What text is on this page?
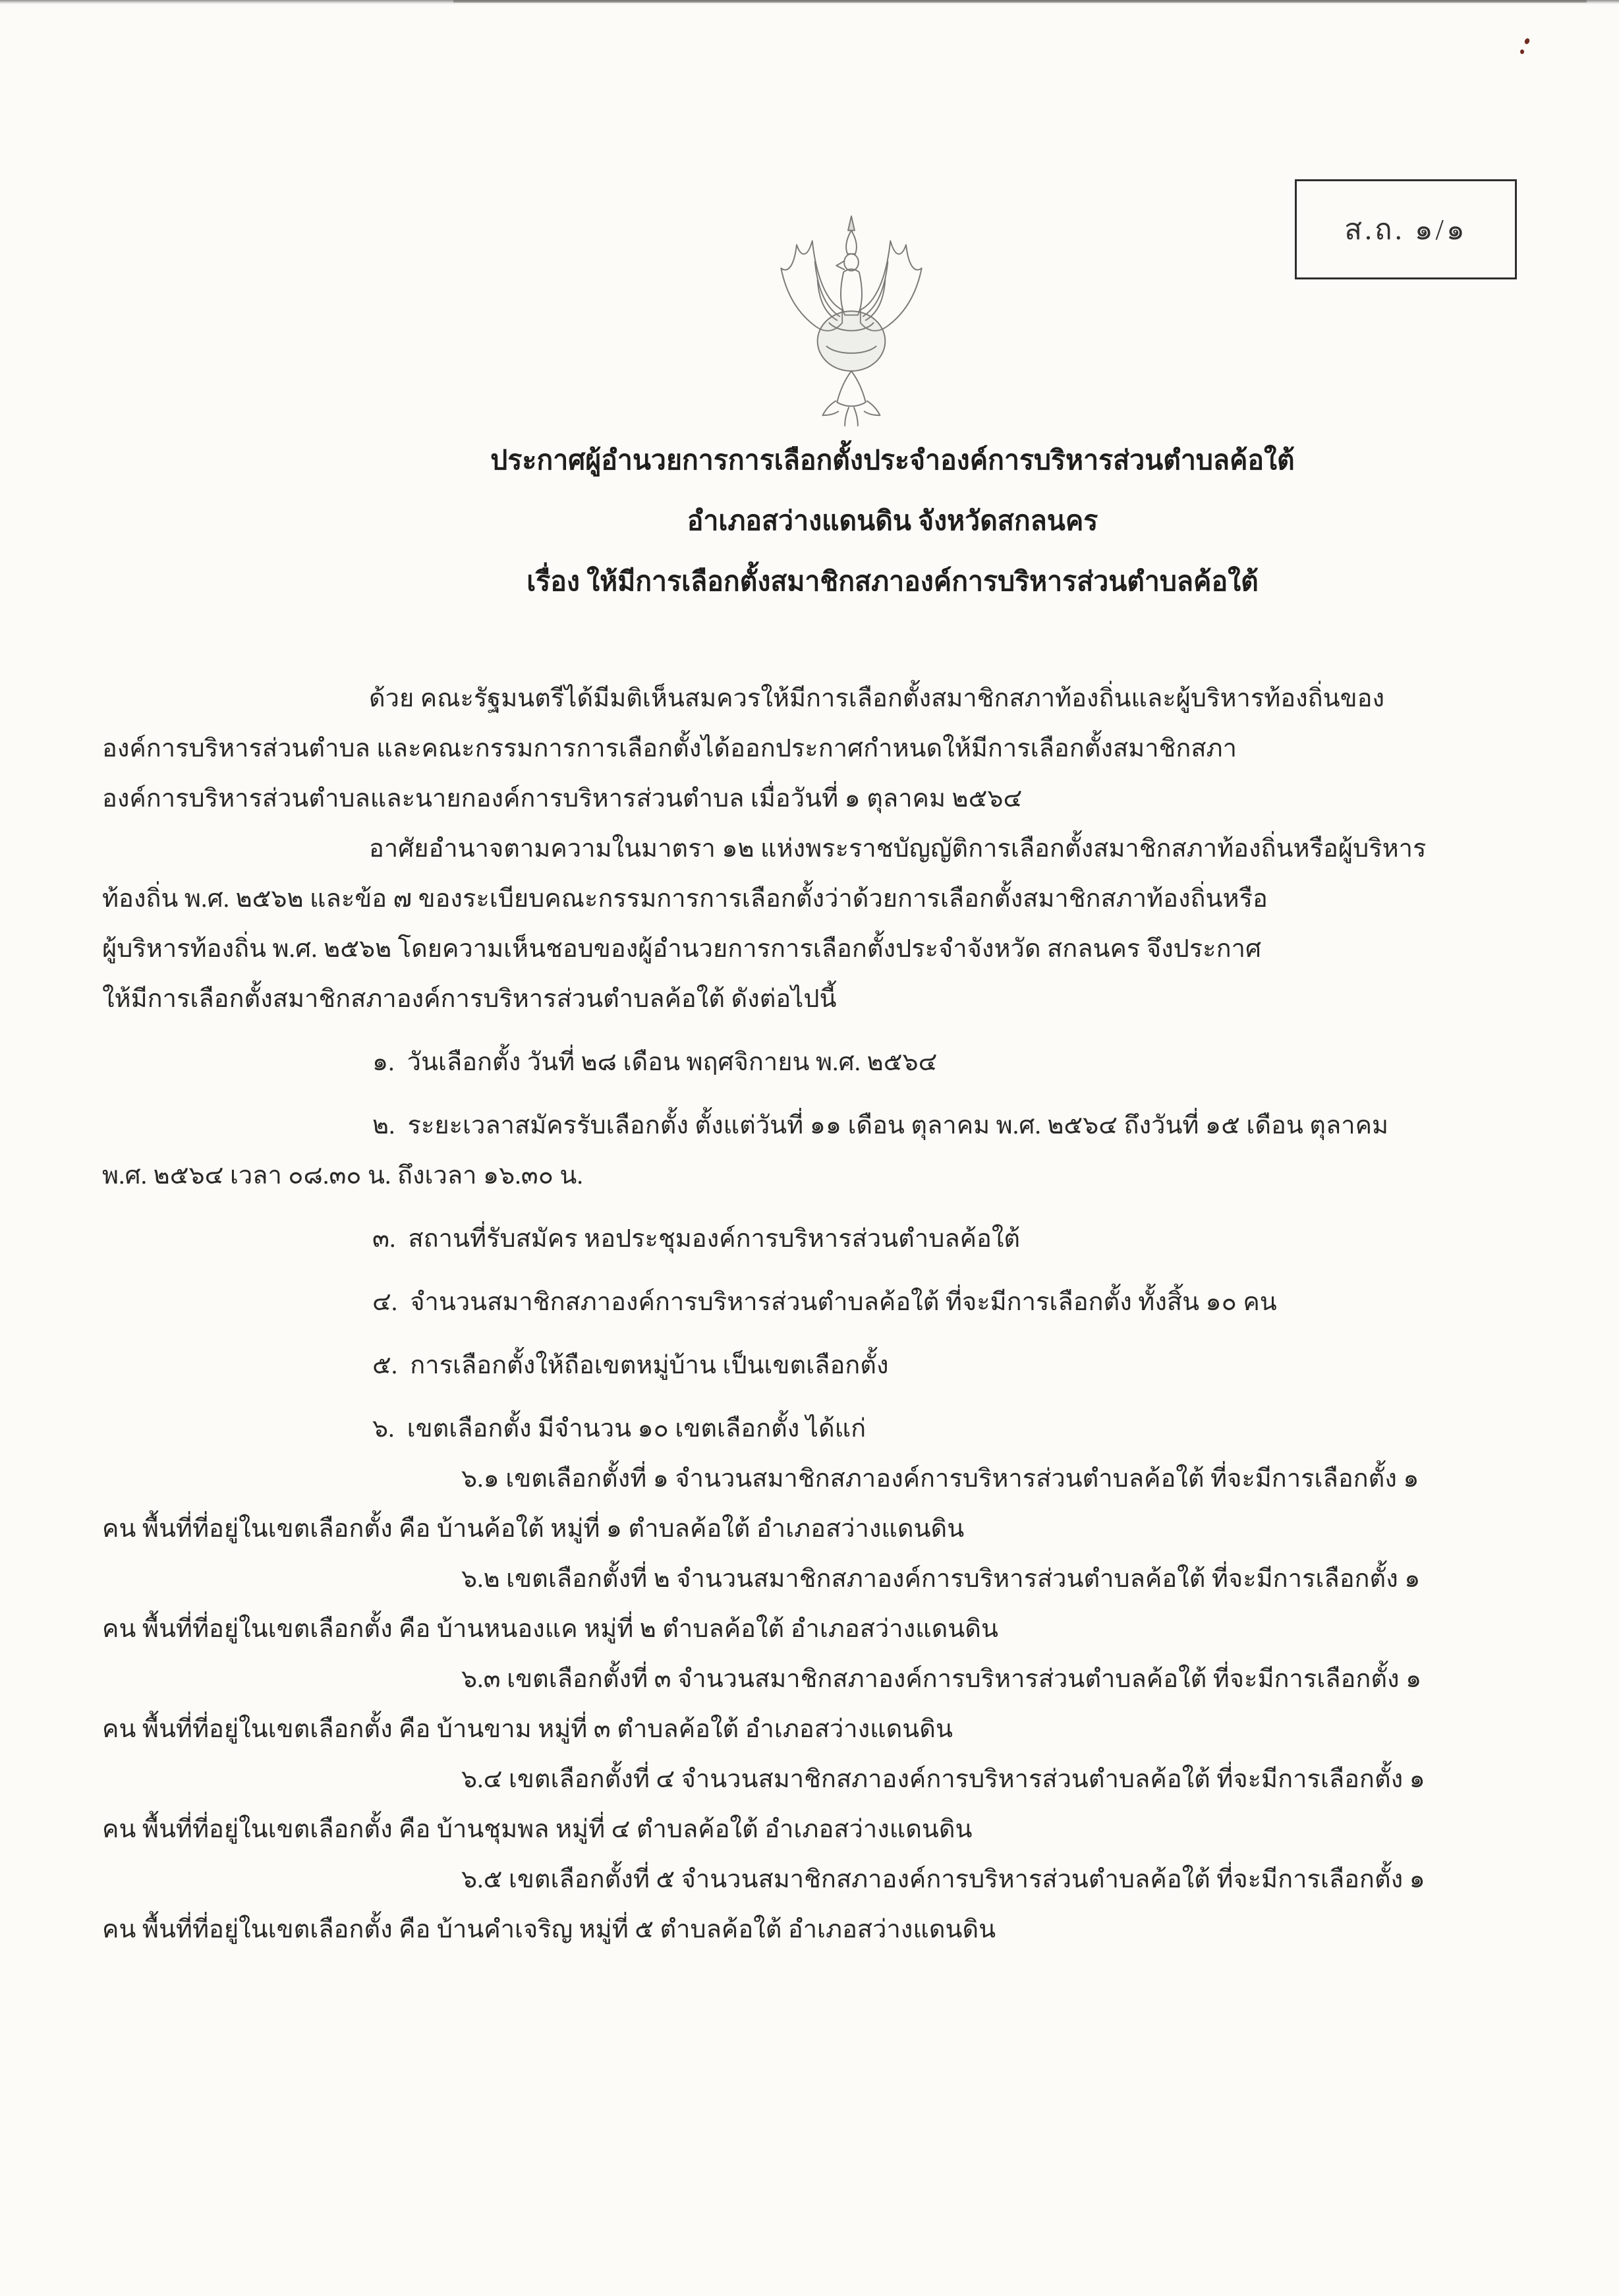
ส.ถ. ๑/๑
ประกาศผู้อำนวยการการเลือกตั้งประจำองค์การบริหารส่วนตำบลค้อใต้
อำเภอสว่างแดนดิน จังหวัดสกลนคร
เรื่อง ให้มีการเลือกตั้งสมาชิกสภาองค์การบริหารส่วนตำบลค้อใต้
ด้วย คณะรัฐมนตรีได้มีมติเห็นสมควรให้มีการเลือกตั้งสมาชิกสภาท้องถิ่นและผู้บริหารท้องถิ่นของ
องค์การบริหารส่วนตำบล และคณะกรรมการการเลือกตั้งได้ออกประกาศกำหนดให้มีการเลือกตั้งสมาชิกสภา
องค์การบริหารส่วนตำบลและนายกองค์การบริหารส่วนตำบล เมื่อวันที่ ๑ ตุลาคม ๒๕๖๔
อาศัยอำนาจตามความในมาตรา ๑๒ แห่งพระราชบัญญัติการเลือกตั้งสมาชิกสภาท้องถิ่นหรือผู้บริหาร
ท้องถิ่น พ.ศ. ๒๕๖๒ และข้อ ๗ ของระเบียบคณะกรรมการการเลือกตั้งว่าด้วยการเลือกตั้งสมาชิกสภาท้องถิ่นหรือ
ผู้บริหารท้องถิ่น พ.ศ. ๒๕๖๒ โดยความเห็นชอบของผู้อำนวยการการเลือกตั้งประจำจังหวัด สกลนคร จึงประกาศ
ให้มีการเลือกตั้งสมาชิกสภาองค์การบริหารส่วนตำบลค้อใต้ ดังต่อไปนี้
๑.  วันเลือกตั้ง วันที่ ๒๘ เดือน พฤศจิกายน พ.ศ. ๒๕๖๔
๒.  ระยะเวลาสมัครรับเลือกตั้ง ตั้งแต่วันที่ ๑๑ เดือน ตุลาคม พ.ศ. ๒๕๖๔ ถึงวันที่ ๑๕ เดือน ตุลาคม
พ.ศ. ๒๕๖๔ เวลา ๐๘.๓๐ น. ถึงเวลา ๑๖.๓๐ น.
๓.  สถานที่รับสมัคร หอประชุมองค์การบริหารส่วนตำบลค้อใต้
๔.  จำนวนสมาชิกสภาองค์การบริหารส่วนตำบลค้อใต้ ที่จะมีการเลือกตั้ง ทั้งสิ้น ๑๐ คน
๕.  การเลือกตั้งให้ถือเขตหมู่บ้าน เป็นเขตเลือกตั้ง
๖.  เขตเลือกตั้ง มีจำนวน ๑๐ เขตเลือกตั้ง ได้แก่
๖.๑ เขตเลือกตั้งที่ ๑ จำนวนสมาชิกสภาองค์การบริหารส่วนตำบลค้อใต้ ที่จะมีการเลือกตั้ง ๑
คน พื้นที่ที่อยู่ในเขตเลือกตั้ง คือ บ้านค้อใต้ หมู่ที่ ๑ ตำบลค้อใต้ อำเภอสว่างแดนดิน
๖.๒ เขตเลือกตั้งที่ ๒ จำนวนสมาชิกสภาองค์การบริหารส่วนตำบลค้อใต้ ที่จะมีการเลือกตั้ง ๑
คน พื้นที่ที่อยู่ในเขตเลือกตั้ง คือ บ้านหนองแค หมู่ที่ ๒ ตำบลค้อใต้ อำเภอสว่างแดนดิน
๖.๓ เขตเลือกตั้งที่ ๓ จำนวนสมาชิกสภาองค์การบริหารส่วนตำบลค้อใต้ ที่จะมีการเลือกตั้ง ๑
คน พื้นที่ที่อยู่ในเขตเลือกตั้ง คือ บ้านขาม หมู่ที่ ๓ ตำบลค้อใต้ อำเภอสว่างแดนดิน
๖.๔ เขตเลือกตั้งที่ ๔ จำนวนสมาชิกสภาองค์การบริหารส่วนตำบลค้อใต้ ที่จะมีการเลือกตั้ง ๑
คน พื้นที่ที่อยู่ในเขตเลือกตั้ง คือ บ้านชุมพล หมู่ที่ ๔ ตำบลค้อใต้ อำเภอสว่างแดนดิน
๖.๕ เขตเลือกตั้งที่ ๕ จำนวนสมาชิกสภาองค์การบริหารส่วนตำบลค้อใต้ ที่จะมีการเลือกตั้ง ๑
คน พื้นที่ที่อยู่ในเขตเลือกตั้ง คือ บ้านคำเจริญ หมู่ที่ ๕ ตำบลค้อใต้ อำเภอสว่างแดนดิน
